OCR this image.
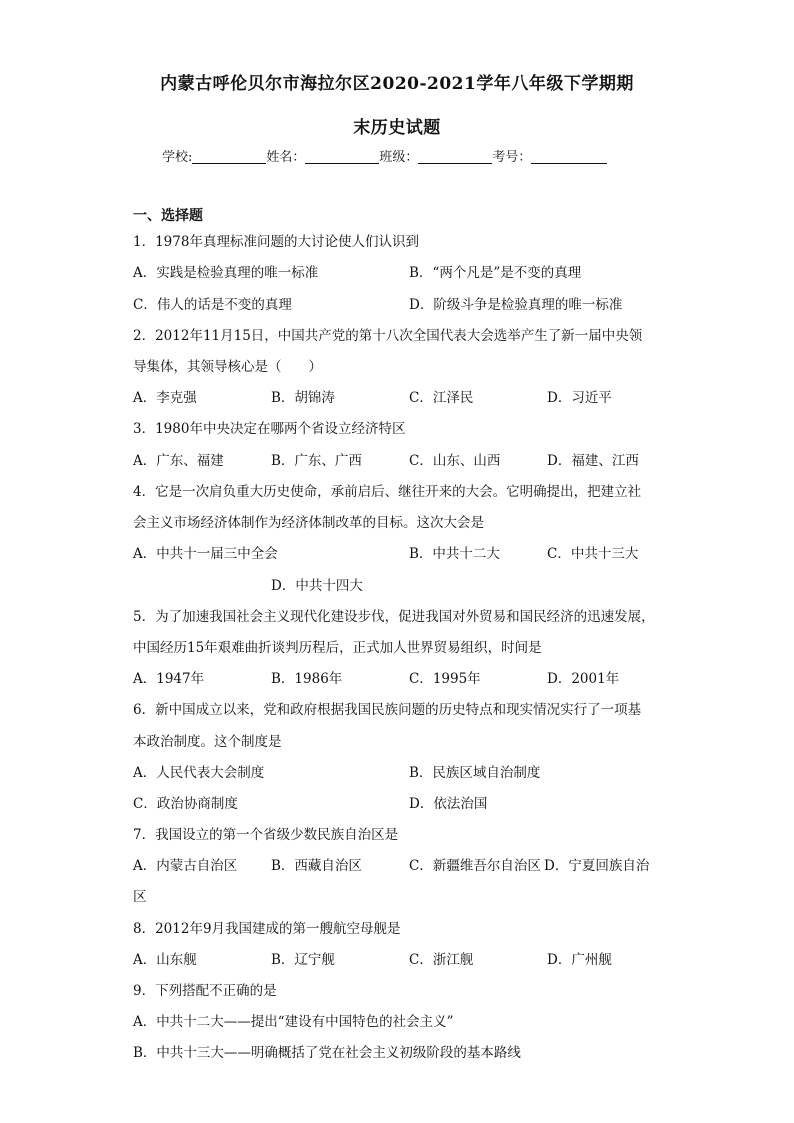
内蒙古呼伦贝尔市海拉尔区2020-2021学年八年级下学期期
末历史试题
学校:	姓名：	班级：	考号：
一、选择题
1．1978年真理标准问题的大讨论使人们认识到
A．实践是检验真理的唯一标准	B．“两个凡是”是不变的真理
C．伟人的话是不变的真理	D．阶级斗争是检验真理的唯一标准
2．2012年11月15日，中国共产党的第十八次全国代表大会选举产生了新一届中央领
导集体，其领导核心是（　　）
A．李克强	B．胡锦涛	C．江泽民	D．习近平
3．1980年中央决定在哪两个省设立经济特区
A．广东、福建	B．广东、广西	C．山东、山西	D．福建、江西
4．它是一次肩负重大历史使命，承前启后、继往开来的大会。它明确提出，把建立社
会主义市场经济体制作为经济体制改革的目标。这次大会是
A．中共十一届三中全会	B．中共十二大	C．中共十三大
D．中共十四大
5．为了加速我国社会主义现代化建设步伐，促进我国对外贸易和国民经济的迅速发展，
中国经历15年艰难曲折谈判历程后，正式加人世界贸易组织，时间是
A．1947年	B．1986年	C．1995年	D．2001年
6．新中国成立以来，党和政府根据我国民族问题的历史特点和现实情况实行了一项基
本政治制度。这个制度是
A．人民代表大会制度	B．民族区域自治制度
C．政治协商制度	D．依法治国
7．我国设立的第一个省级少数民族自治区是
A．内蒙古自治区	B．西藏自治区	C．新疆维吾尔自治区 D．宁夏回族自治
区
8．2012年9月我国建成的第一艘航空母舰是
A．山东舰	B．辽宁舰	C．浙江舰	D．广州舰
9．下列搭配不正确的是
A．中共十二大——提出“建设有中国特色的社会主义”
B．中共十三大——明确概括了党在社会主义初级阶段的基本路线
